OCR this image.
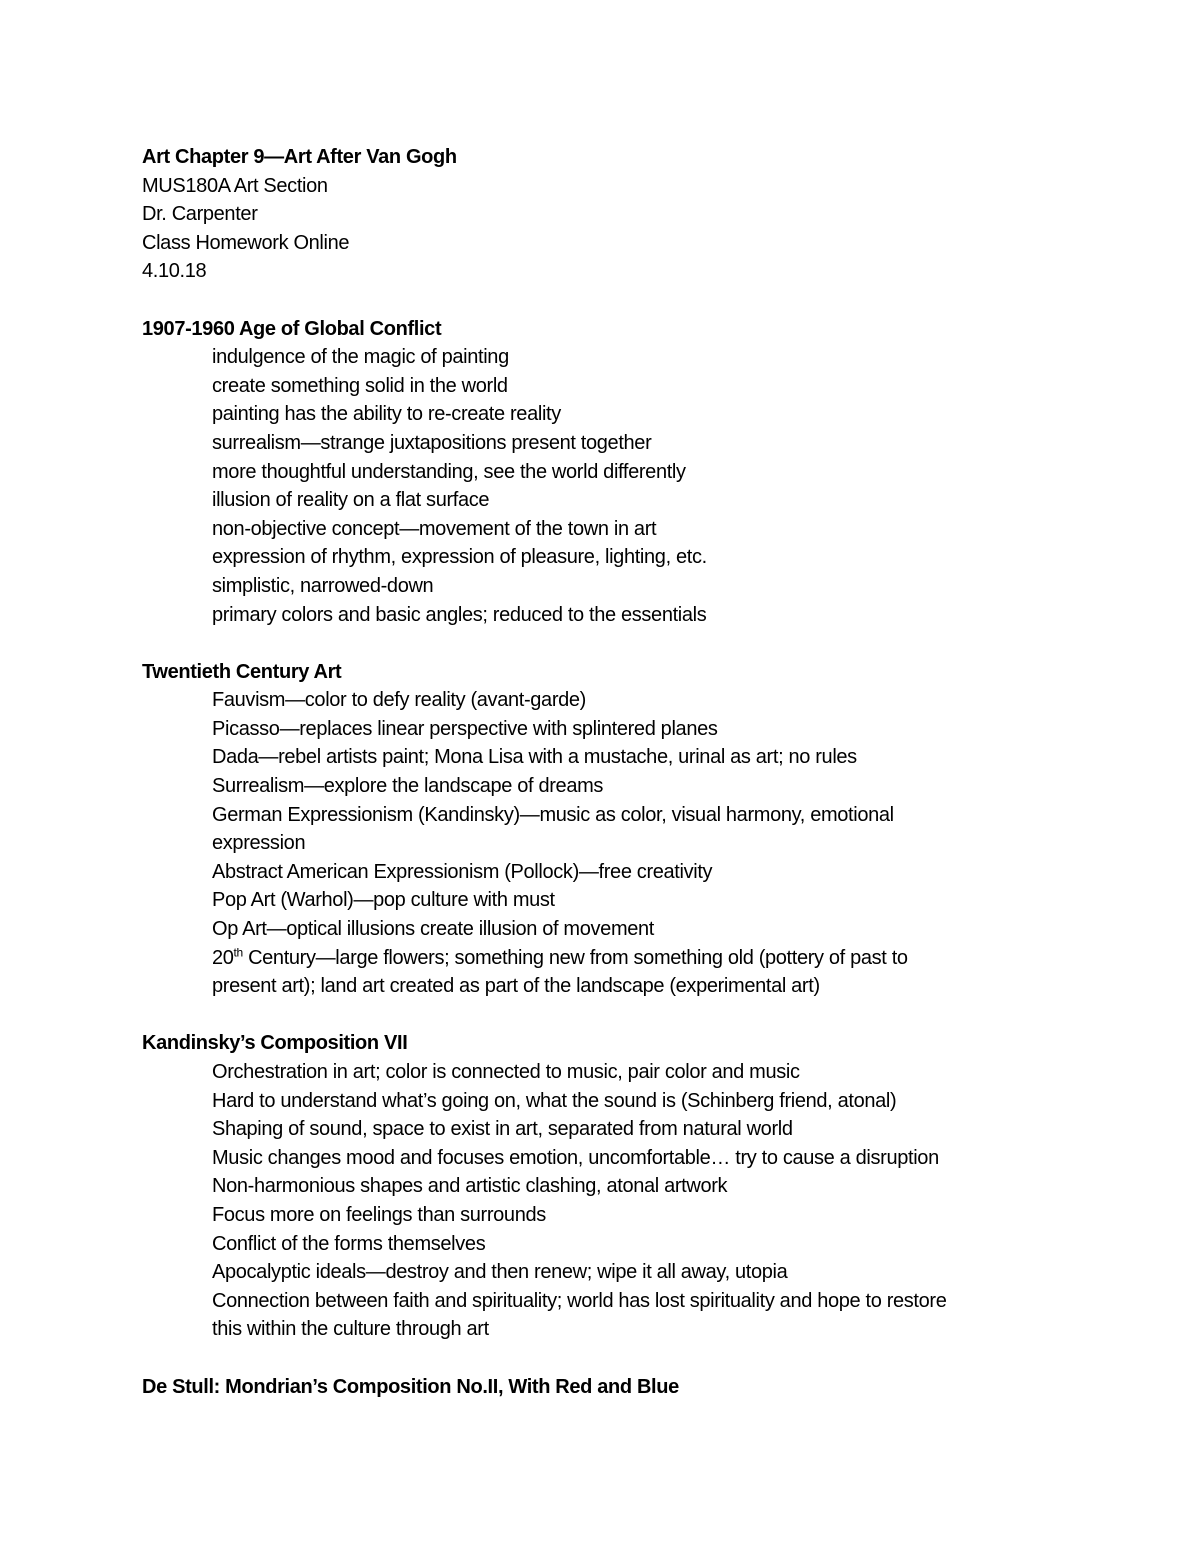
Art Chapter 9—Art After Van Gogh
MUS180A Art Section
Dr. Carpenter
Class Homework Online
4.10.18
1907-1960 Age of Global Conflict
indulgence of the magic of painting
create something solid in the world
painting has the ability to re-create reality
surrealism—strange juxtapositions present together
more thoughtful understanding, see the world differently
illusion of reality on a flat surface
non-objective concept—movement of the town in art
expression of rhythm, expression of pleasure, lighting, etc.
simplistic, narrowed-down
primary colors and basic angles; reduced to the essentials
Twentieth Century Art
Fauvism—color to defy reality (avant-garde)
Picasso—replaces linear perspective with splintered planes
Dada—rebel artists paint; Mona Lisa with a mustache, urinal as art; no rules
Surrealism—explore the landscape of dreams
German Expressionism (Kandinsky)—music as color, visual harmony, emotional
expression
Abstract American Expressionism (Pollock)—free creativity
Pop Art (Warhol)—pop culture with must
Op Art—optical illusions create illusion of movement
20th Century—large flowers; something new from something old (pottery of past to
present art); land art created as part of the landscape (experimental art)
Kandinsky’s Composition VII
Orchestration in art; color is connected to music, pair color and music
Hard to understand what’s going on, what the sound is (Schinberg friend, atonal)
Shaping of sound, space to exist in art, separated from natural world
Music changes mood and focuses emotion, uncomfortable… try to cause a disruption
Non-harmonious shapes and artistic clashing, atonal artwork
Focus more on feelings than surrounds
Conflict of the forms themselves
Apocalyptic ideals—destroy and then renew; wipe it all away, utopia
Connection between faith and spirituality; world has lost spirituality and hope to restore
this within the culture through art
De Stull: Mondrian’s Composition No.II, With Red and Blue
